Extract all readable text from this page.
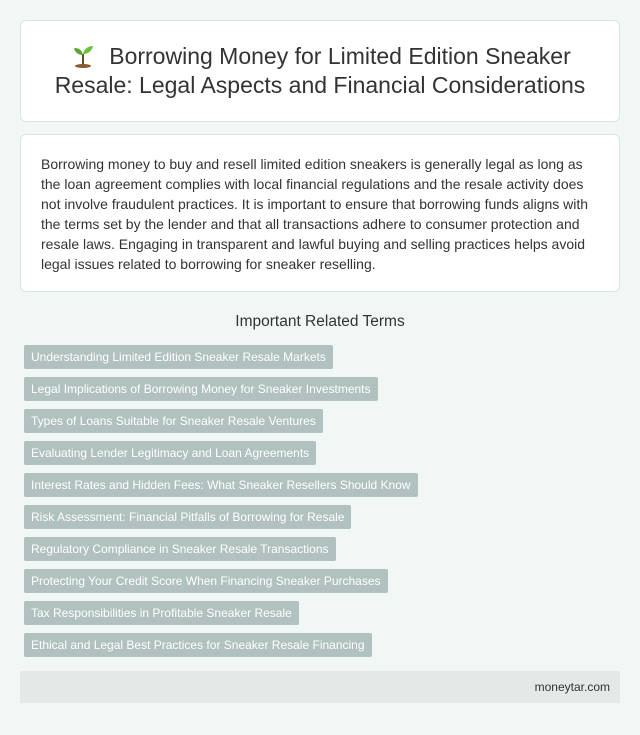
Borrowing Money for Limited Edition Sneaker Resale: Legal Aspects and Financial Considerations

Borrowing money to buy and resell limited edition sneakers is generally legal as long as the loan agreement complies with local financial regulations and the resale activity does not involve fraudulent practices. It is important to ensure that borrowing funds aligns with the terms set by the lender and that all transactions adhere to consumer protection and resale laws. Engaging in transparent and lawful buying and selling practices helps avoid legal issues related to borrowing for sneaker reselling.

Important Related Terms
Understanding Limited Edition Sneaker Resale Markets
Legal Implications of Borrowing Money for Sneaker Investments
Types of Loans Suitable for Sneaker Resale Ventures
Evaluating Lender Legitimacy and Loan Agreements
Interest Rates and Hidden Fees: What Sneaker Resellers Should Know
Risk Assessment: Financial Pitfalls of Borrowing for Resale
Regulatory Compliance in Sneaker Resale Transactions
Protecting Your Credit Score When Financing Sneaker Purchases
Tax Responsibilities in Profitable Sneaker Resale
Ethical and Legal Best Practices for Sneaker Resale Financing
moneytar.com
